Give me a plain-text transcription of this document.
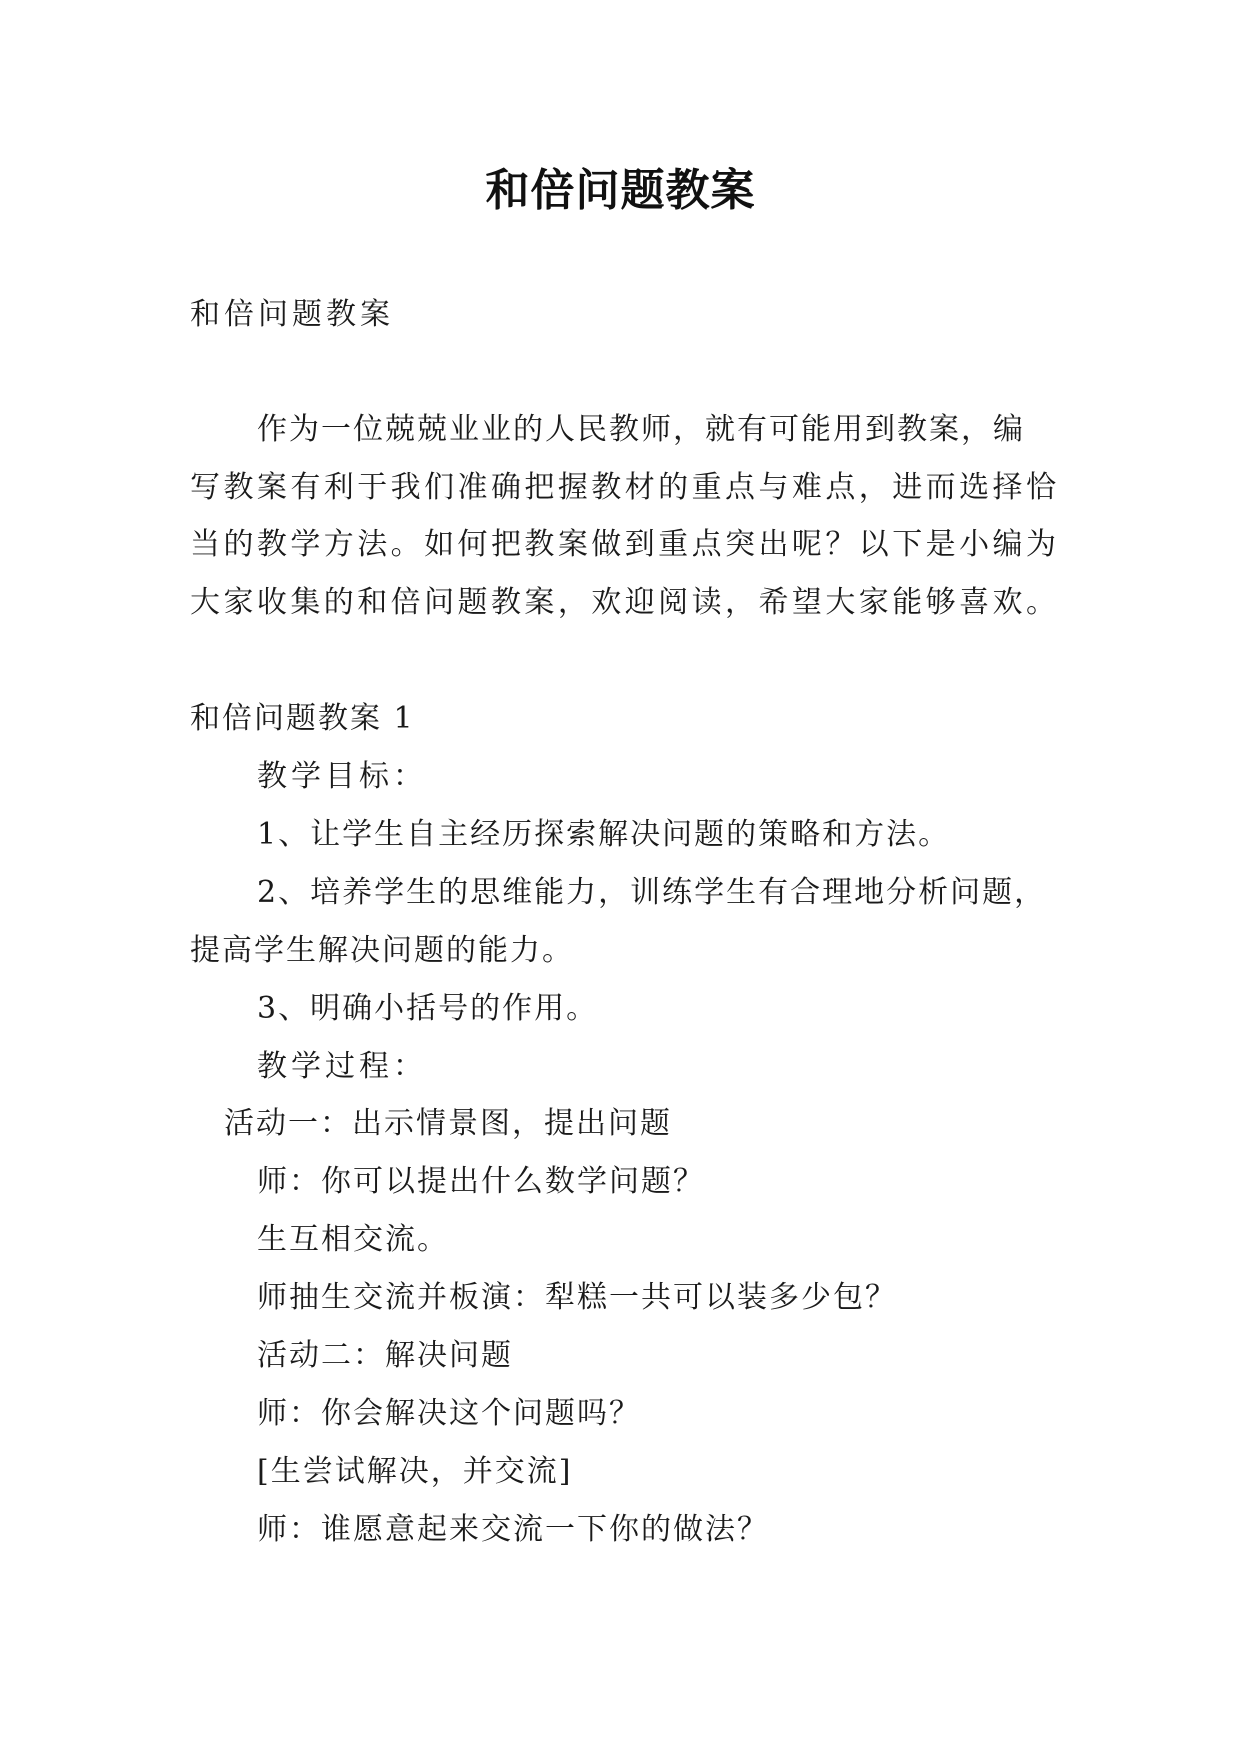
和倍问题教案
和倍问题教案
作为一位兢兢业业的人民教师，就有可能用到教案，编
写教案有利于我们准确把握教材的重点与难点，进而选择恰
当的教学方法。如何把教案做到重点突出呢？以下是小编为
大家收集的和倍问题教案，欢迎阅读，希望大家能够喜欢。
和倍问题教案 1
教学目标：
1、让学生自主经历探索解决问题的策略和方法。
2、培养学生的思维能力，训练学生有合理地分析问题，
提高学生解决问题的能力。
3、明确小括号的作用。
教学过程：
活动一：出示情景图，提出问题
师：你可以提出什么数学问题？
生互相交流。
师抽生交流并板演：犁糕一共可以装多少包？
活动二：解决问题
师：你会解决这个问题吗？
[生尝试解决，并交流]
师：谁愿意起来交流一下你的做法？
